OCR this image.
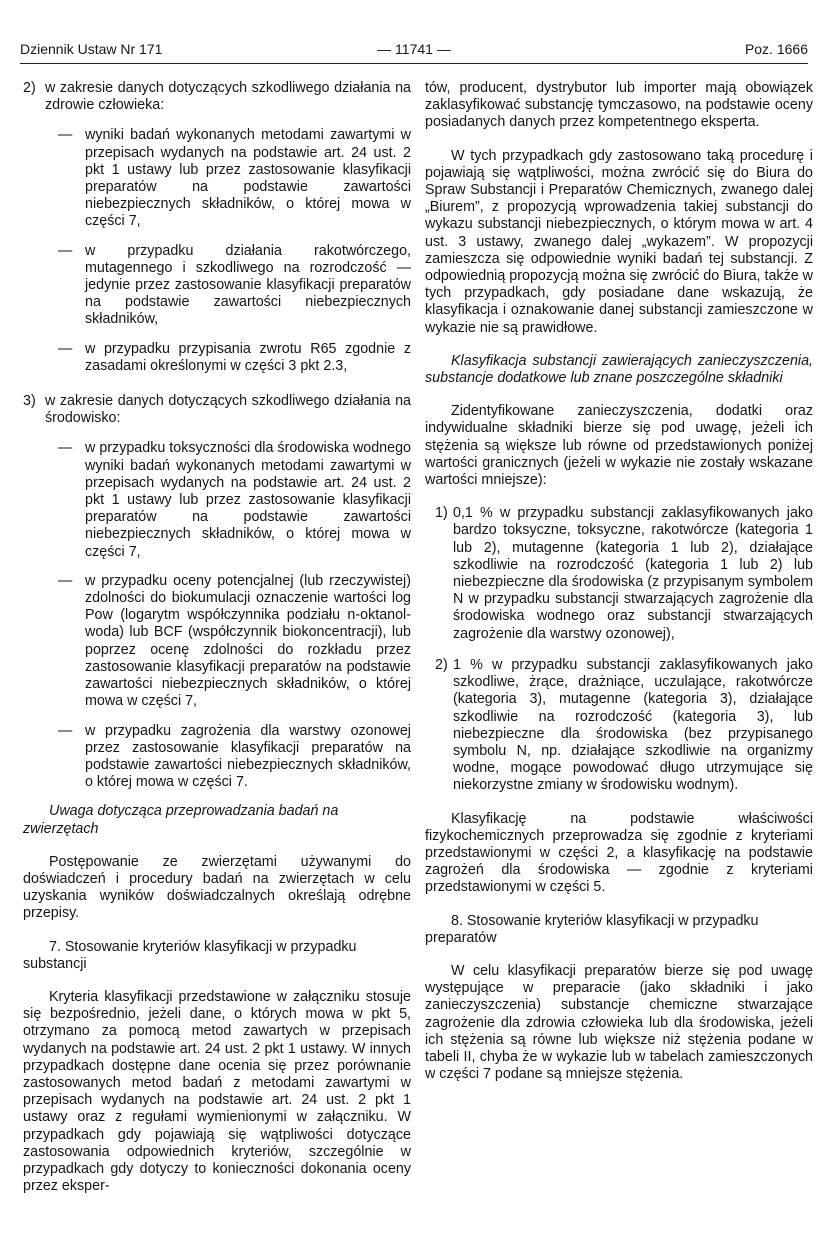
Dziennik Ustaw Nr 171	— 11741 —	Poz. 1666
2) w zakresie danych dotyczących szkodliwego działania na zdrowie człowieka:

— wyniki badań wykonanych metodami zawartymi w przepisach wydanych na podstawie art. 24 ust. 2 pkt 1 ustawy lub przez zastosowanie klasyfikacji preparatów na podstawie zawartości niebezpiecznych składników, o której mowa w części 7,

— w przypadku działania rakotwórczego, mutagennego i szkodliwego na rozrodczość — jedynie przez zastosowanie klasyfikacji preparatów na podstawie zawartości niebezpiecznych składników,

— w przypadku przypisania zwrotu R65 zgodnie z zasadami określonymi w części 3 pkt 2.3,

3) w zakresie danych dotyczących szkodliwego działania na środowisko:

— w przypadku toksyczności dla środowiska wodnego wyniki badań wykonanych metodami zawartymi w przepisach wydanych na podstawie art. 24 ust. 2 pkt 1 ustawy lub przez zastosowanie klasyfikacji preparatów na podstawie zawartości niebezpiecznych składników, o której mowa w części 7,

— w przypadku oceny potencjalnej (lub rzeczywistej) zdolności do biokumulacji oznaczenie wartości log Pow (logarytm współczynnika podziału n-oktanol-woda) lub BCF (współczynnik biokoncentracji), lub poprzez ocenę zdolności do rozkładu przez zastosowanie klasyfikacji preparatów na podstawie zawartości niebezpiecznych składników, o której mowa w części 7,

— w przypadku zagrożenia dla warstwy ozonowej przez zastosowanie klasyfikacji preparatów na podstawie zawartości niebezpiecznych składników, o której mowa w części 7.

Uwaga dotycząca przeprowadzania badań na zwierzętach

Postępowanie ze zwierzętami używanymi do doświadczeń i procedury badań na zwierzętach w celu uzyskania wyników doświadczalnych określają odrębne przepisy.

7. Stosowanie kryteriów klasyfikacji w przypadku substancji

Kryteria klasyfikacji przedstawione w załączniku stosuje się bezpośrednio, jeżeli dane, o których mowa w pkt 5, otrzymano za pomocą metod zawartych w przepisach wydanych na podstawie art. 24 ust. 2 pkt 1 ustawy. W innych przypadkach dostępne dane ocenia się przez porównanie zastosowanych metod badań z metodami zawartymi w przepisach wydanych na podstawie art. 24 ust. 2 pkt 1 ustawy oraz z regułami wymienionymi w załączniku. W przypadkach gdy pojawiają się wątpliwości dotyczące zastosowania odpowiednich kryteriów, szczególnie w przypadkach gdy dotyczy to konieczności dokonania oceny przez eksper-

tów, producent, dystrybutor lub importer mają obowiązek zaklasyfikować substancję tymczasowo, na podstawie oceny posiadanych danych przez kompetentnego eksperta.

W tych przypadkach gdy zastosowano taką procedurę i pojawiają się wątpliwości, można zwrócić się do Biura do Spraw Substancji i Preparatów Chemicznych, zwanego dalej „Biurem”, z propozycją wprowadzenia takiej substancji do wykazu substancji niebezpiecznych, o którym mowa w art. 4 ust. 3 ustawy, zwanego dalej „wykazem”. W propozycji zamieszcza się odpowiednie wyniki badań tej substancji. Z odpowiednią propozycją można się zwrócić do Biura, także w tych przypadkach, gdy posiadane dane wskazują, że klasyfikacja i oznakowanie danej substancji zamieszczone w wykazie nie są prawidłowe.

Klasyfikacja substancji zawierających zanieczyszczenia, substancje dodatkowe lub znane poszczególne składniki

Zidentyfikowane zanieczyszczenia, dodatki oraz indywidualne składniki bierze się pod uwagę, jeżeli ich stężenia są większe lub równe od przedstawionych poniżej wartości granicznych (jeżeli w wykazie nie zostały wskazane wartości mniejsze):

1) 0,1 % w przypadku substancji zaklasyfikowanych jako bardzo toksyczne, toksyczne, rakotwórcze (kategoria 1 lub 2), mutagenne (kategoria 1 lub 2), działające szkodliwie na rozrodczość (kategoria 1 lub 2) lub niebezpieczne dla środowiska (z przypisanym symbolem N w przypadku substancji stwarzających zagrożenie dla środowiska wodnego oraz substancji stwarzających zagrożenie dla warstwy ozonowej),

2) 1 % w przypadku substancji zaklasyfikowanych jako szkodliwe, żrące, drażniące, uczulające, rakotwórcze (kategoria 3), mutagenne (kategoria 3), działające szkodliwie na rozrodczość (kategoria 3), lub niebezpieczne dla środowiska (bez przypisanego symbolu N, np. działające szkodliwie na organizmy wodne, mogące powodować długo utrzymujące się niekorzystne zmiany w środowisku wodnym).

Klasyfikację na podstawie właściwości fizykochemicznych przeprowadza się zgodnie z kryteriami przedstawionymi w części 2, a klasyfikację na podstawie zagrożeń dla środowiska — zgodnie z kryteriami przedstawionymi w części 5.

8. Stosowanie kryteriów klasyfikacji w przypadku preparatów

W celu klasyfikacji preparatów bierze się pod uwagę występujące w preparacie (jako składniki i jako zanieczyszczenia) substancje chemiczne stwarzające zagrożenie dla zdrowia człowieka lub dla środowiska, jeżeli ich stężenia są równe lub większe niż stężenia podane w tabeli II, chyba że w wykazie lub w tabelach zamieszczonych w części 7 podane są mniejsze stężenia.
